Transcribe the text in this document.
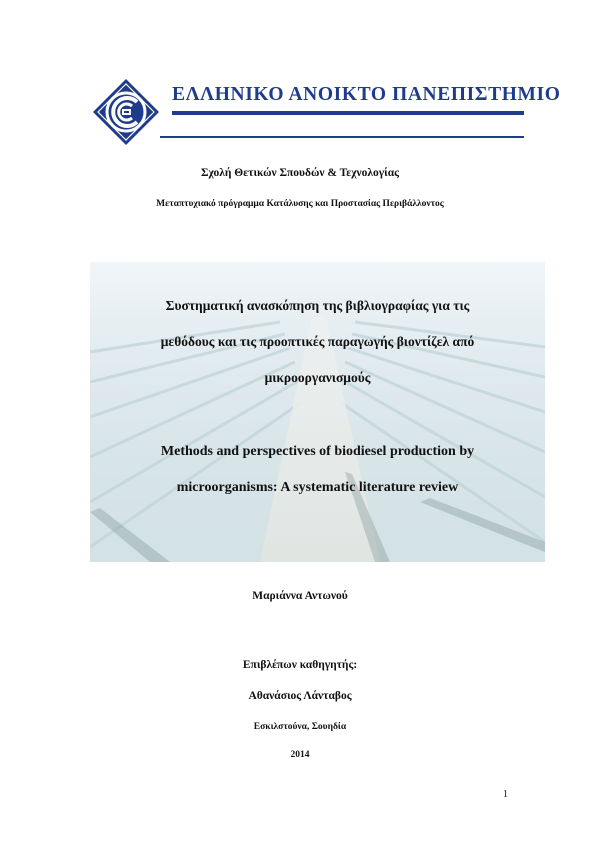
ΕΛΛΗΝΙΚΟ ΑΝΟΙΚΤΟ ΠΑΝΕΠΙΣΤΗΜΙΟ
Σχολή Θετικών Σπουδών & Τεχνολογίας
Μεταπτυχιακό πρόγραμμα Κατάλυσης και Προστασίας Περιβάλλοντος
Συστηματική ανασκόπηση της βιβλιογραφίας για τις
μεθόδους και τις προοπτικές παραγωγής βιοντίζελ από
μικροοργανισμούς
Methods and perspectives of biodiesel production by
microorganisms: A systematic literature review
Μαριάννα Αντωνού
Επιβλέπων καθηγητής:
Αθανάσιος Λάνταβος
Εσκιλστούνα, Σουηδία
2014
1
